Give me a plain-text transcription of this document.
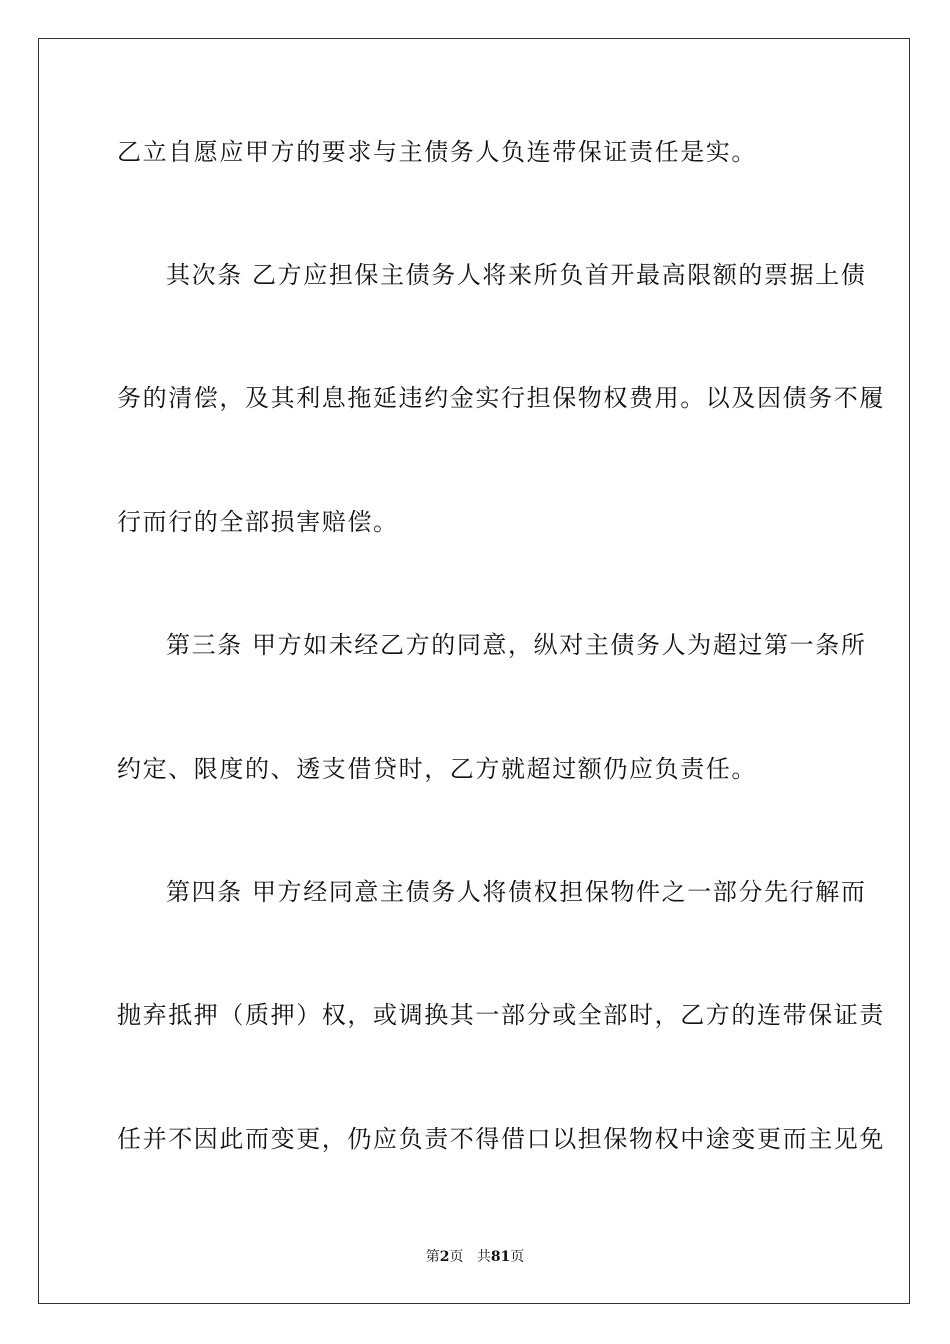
乙立自愿应甲方的要求与主债务人负连带保证责任是实。
其次条 乙方应担保主债务人将来所负首开最高限额的票据上债
务的清偿，及其利息拖延违约金实行担保物权费用。以及因债务不履
行而行的全部损害赔偿。
第三条 甲方如未经乙方的同意，纵对主债务人为超过第一条所
约定、限度的、透支借贷时，乙方就超过额仍应负责任。
第四条 甲方经同意主债务人将债权担保物件之一部分先行解而
抛弃抵押（质押）权，或调换其一部分或全部时，乙方的连带保证责
任并不因此而变更，仍应负责不得借口以担保物权中途变更而主见免
第2页 共81页
